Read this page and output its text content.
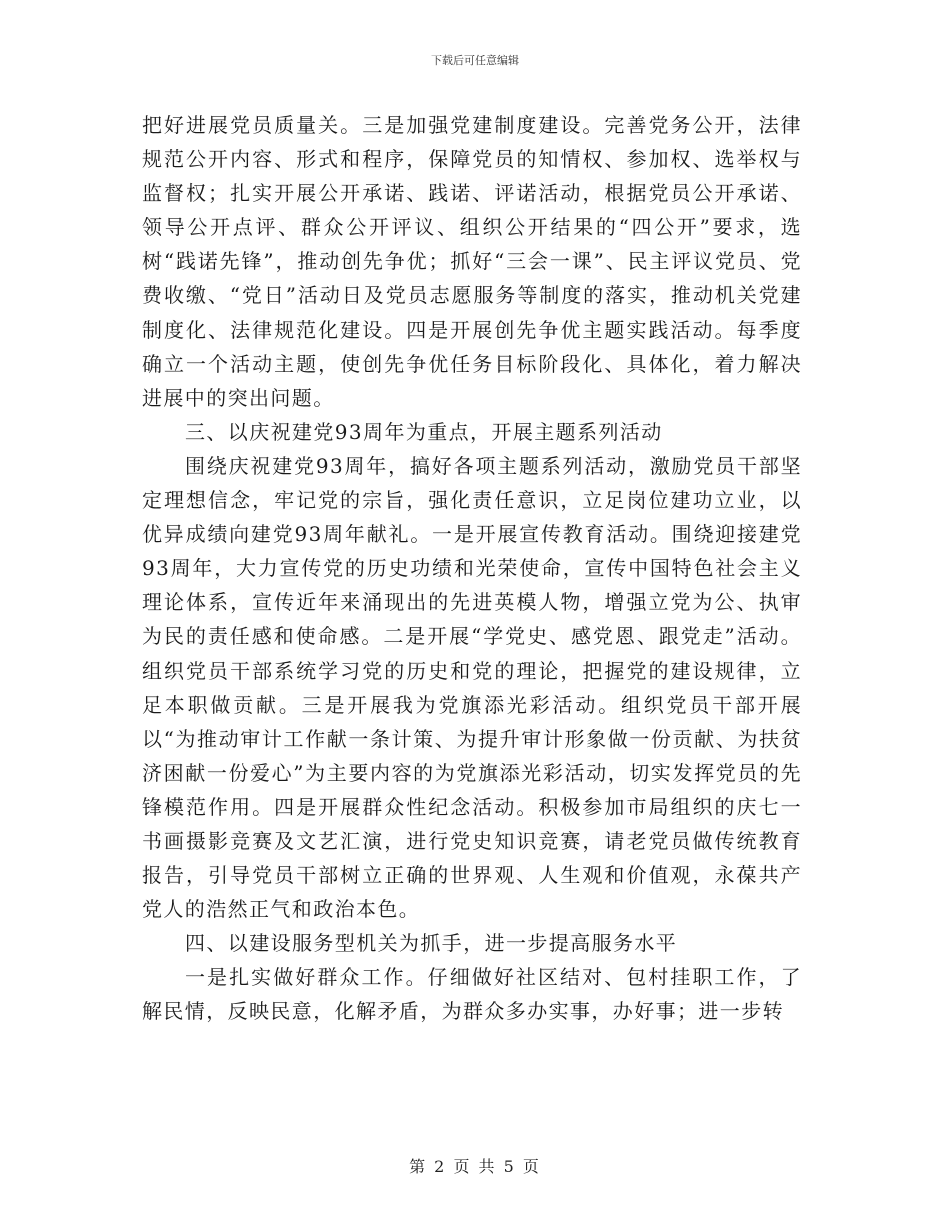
下载后可任意编辑

把好进展党员质量关。三是加强党建制度建设。完善党务公开，法律规范公开内容、形式和程序，保障党员的知情权、参加权、选举权与监督权；扎实开展公开承诺、践诺、评诺活动，根据党员公开承诺、领导公开点评、群众公开评议、组织公开结果的“四公开”要求，选树“践诺先锋”，推动创先争优；抓好“三会一课”、民主评议党员、党费收缴、“党日”活动日及党员志愿服务等制度的落实，推动机关党建制度化、法律规范化建设。四是开展创先争优主题实践活动。每季度确立一个活动主题，使创先争优任务目标阶段化、具体化，着力解决进展中的突出问题。

三、以庆祝建党93周年为重点，开展主题系列活动

围绕庆祝建党93周年，搞好各项主题系列活动，激励党员干部坚定理想信念，牢记党的宗旨，强化责任意识，立足岗位建功立业，以优异成绩向建党93周年献礼。一是开展宣传教育活动。围绕迎接建党93周年，大力宣传党的历史功绩和光荣使命，宣传中国特色社会主义理论体系，宣传近年来涌现出的先进英模人物，增强立党为公、执审为民的责任感和使命感。二是开展“学党史、感党恩、跟党走”活动。组织党员干部系统学习党的历史和党的理论，把握党的建设规律，立足本职做贡献。三是开展我为党旗添光彩活动。组织党员干部开展以“为推动审计工作献一条计策、为提升审计形象做一份贡献、为扶贫济困献一份爱心”为主要内容的为党旗添光彩活动，切实发挥党员的先锋模范作用。四是开展群众性纪念活动。积极参加市局组织的庆七一书画摄影竞赛及文艺汇演，进行党史知识竞赛，请老党员做传统教育报告，引导党员干部树立正确的世界观、人生观和价值观，永葆共产党人的浩然正气和政治本色。

四、以建设服务型机关为抓手，进一步提高服务水平

一是扎实做好群众工作。仔细做好社区结对、包村挂职工作，了解民情，反映民意，化解矛盾，为群众多办实事，办好事；进一步转

第 2 页 共 5 页
